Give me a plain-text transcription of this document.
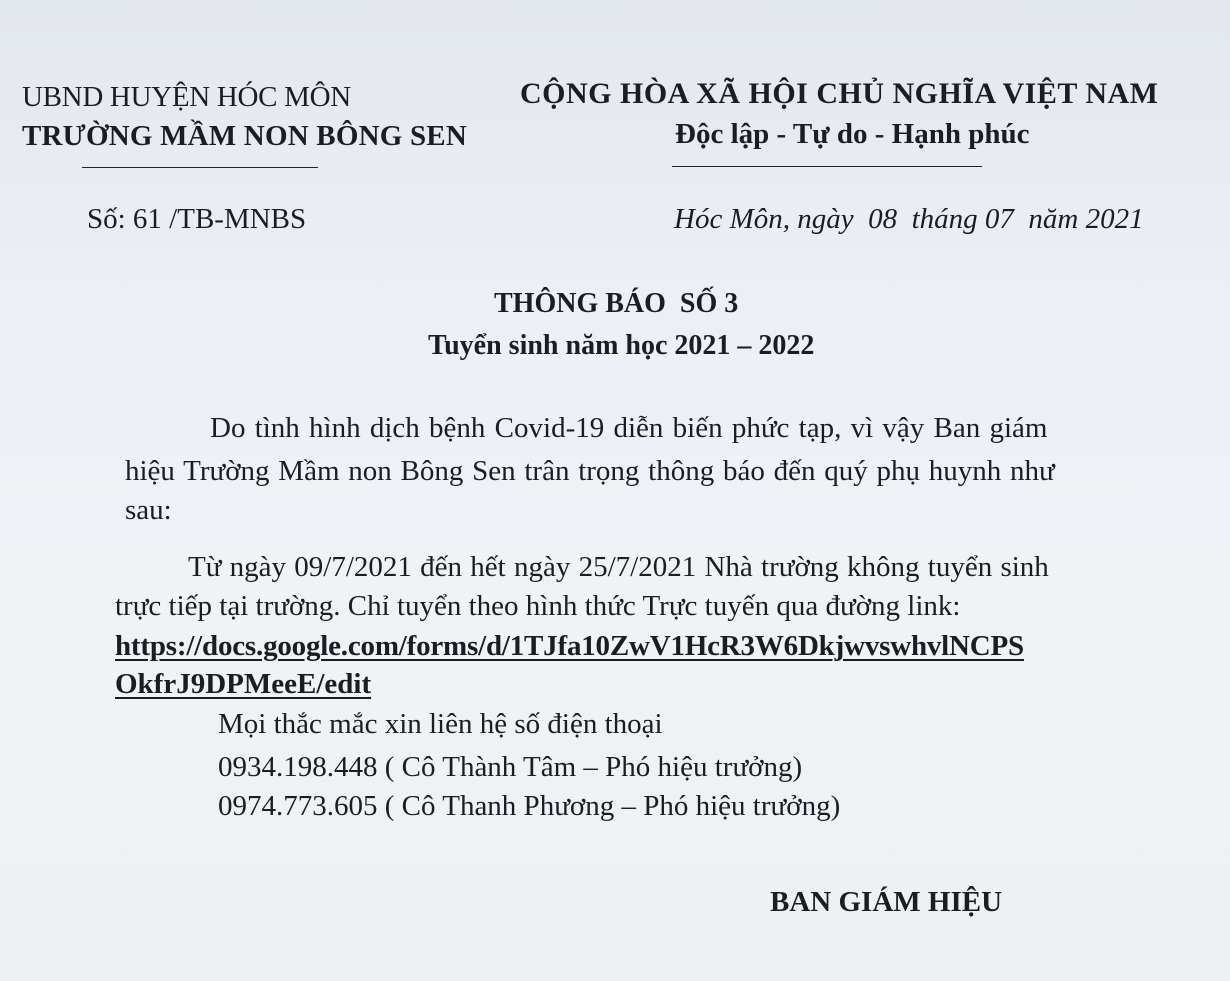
UBND HUYỆN HÓC MÔN
TRƯỜNG MẦM NON BÔNG SEN
CỘNG HÒA XÃ HỘI CHỦ NGHĨA VIỆT NAM
Độc lập - Tự do - Hạnh phúc
Số: 61 /TB-MNBS	Hóc Môn, ngày  08  tháng 07  năm 2021
THÔNG BÁO  SỐ 3
Tuyển sinh năm học 2021 – 2022
Do tình hình dịch bệnh Covid-19 diễn biến phức tạp, vì vậy Ban giám
hiệu Trường Mầm non Bông Sen trân trọng thông báo đến quý phụ huynh như
sau:
Từ ngày 09/7/2021 đến hết ngày 25/7/2021 Nhà trường không tuyển sinh
trực tiếp tại trường. Chỉ tuyển theo hình thức Trực tuyến qua đường link:
https://docs.google.com/forms/d/1TJfa10ZwV1HcR3W6DkjwvswhvlNCPS
OkfrJ9DPMeeE/edit
Mọi thắc mắc xin liên hệ số điện thoại
0934.198.448 ( Cô Thành Tâm – Phó hiệu trưởng)
0974.773.605 ( Cô Thanh Phương – Phó hiệu trưởng)
BAN GIÁM HIỆU
